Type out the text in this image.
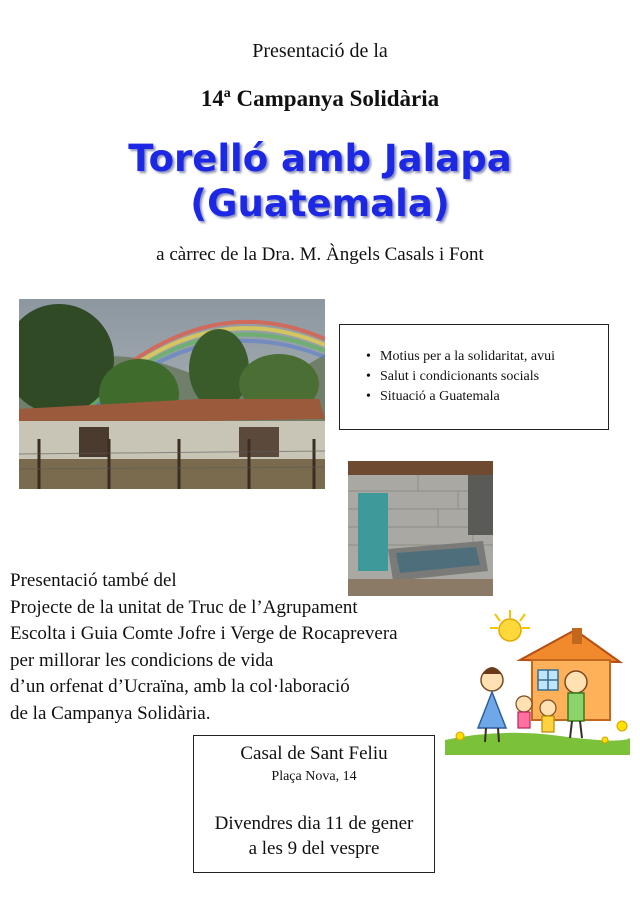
Presentació de la
14ª Campanya Solidària
Torelló amb Jalapa
(Guatemala)
a càrrec de la Dra. M. Àngels Casals i Font
• Motius per a la solidaritat, avui
• Salut i condicionants socials
• Situació a Guatemala
Presentació també del
Projecte de la unitat de Truc de l’Agrupament
Escolta i Guia Comte Jofre i Verge de Rocaprevera
per millorar les condicions de vida
d’un orfenat d’Ucraïna, amb la col·laboració
de la Campanya Solidària.
Casal de Sant Feliu
Plaça Nova, 14
Divendres dia 11 de gener
a les 9 del vespre
